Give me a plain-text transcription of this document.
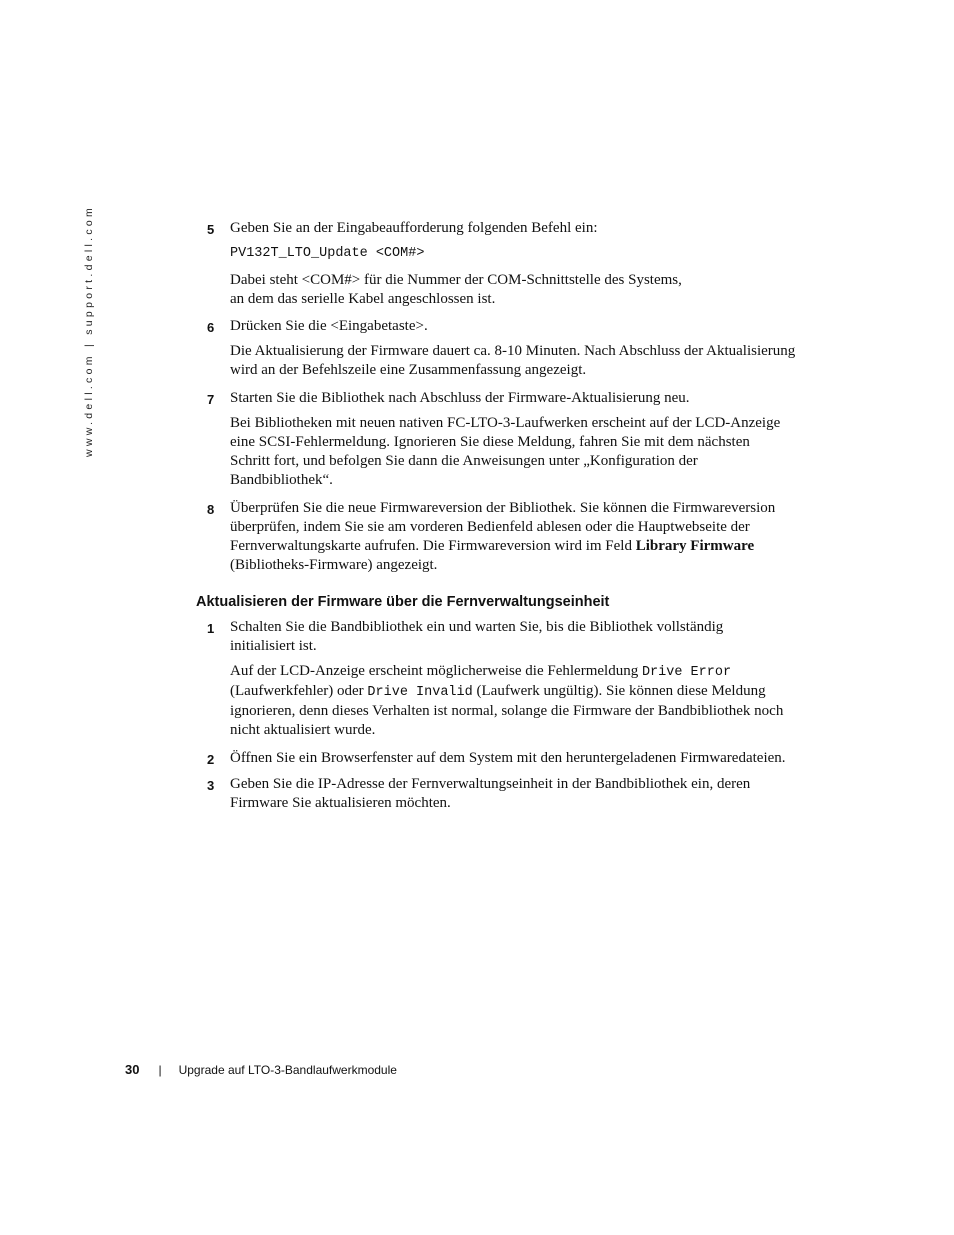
www.dell.com | support.dell.com	5 Geben Sie an der Eingabeaufforderung folgenden Befehl ein:

PV132T_LTO_Update <COM#>

Dabei steht <COM#> für die Nummer der COM-Schnittstelle des Systems,

an dem das serielle Kabel angeschlossen ist.

6 Drücken Sie die <Eingabetaste>.

Die Aktualisierung der Firmware dauert ca. 8-10 Minuten. Nach Abschluss der Aktualisierung

wird an der Befehlszeile eine Zusammenfassung angezeigt.

7 Starten Sie die Bibliothek nach Abschluss der Firmware-Aktualisierung neu.

Bei Bibliotheken mit neuen nativen FC-LTO-3-Laufwerken erscheint auf der LCD-Anzeige

eine SCSI-Fehlermeldung. Ignorieren Sie diese Meldung, fahren Sie mit dem nächsten

Schritt fort, und befolgen Sie dann die Anweisungen unter „Konfiguration der

Bandbibliothek“.

8 Überprüfen Sie die neue Firmwareversion der Bibliothek. Sie können die Firmwareversion

überprüfen, indem Sie sie am vorderen Bedienfeld ablesen oder die Hauptwebseite der

Fernverwaltungskarte aufrufen. Die Firmwareversion wird im Feld Library Firmware

(Bibliotheks-Firmware) angezeigt.

Aktualisieren der Firmware über die Fernverwaltungseinheit
1 Schalten Sie die Bandbibliothek ein und warten Sie, bis die Bibliothek vollständig

initialisiert ist.

Auf der LCD-Anzeige erscheint möglicherweise die Fehlermeldung Drive Error

(Laufwerkfehler) oder Drive Invalid (Laufwerk ungültig). Sie können diese Meldung

ignorieren, denn dieses Verhalten ist normal, solange die Firmware der Bandbibliothek noch

nicht aktualisiert wurde.

2 Öffnen Sie ein Browserfenster auf dem System mit den heruntergeladenen Firmwaredateien.

3 Geben Sie die IP-Adresse der Fernverwaltungseinheit in der Bandbibliothek ein, deren

Firmware Sie aktualisieren möchten.

30 | Upgrade auf LTO-3-Bandlaufwerkmodule
